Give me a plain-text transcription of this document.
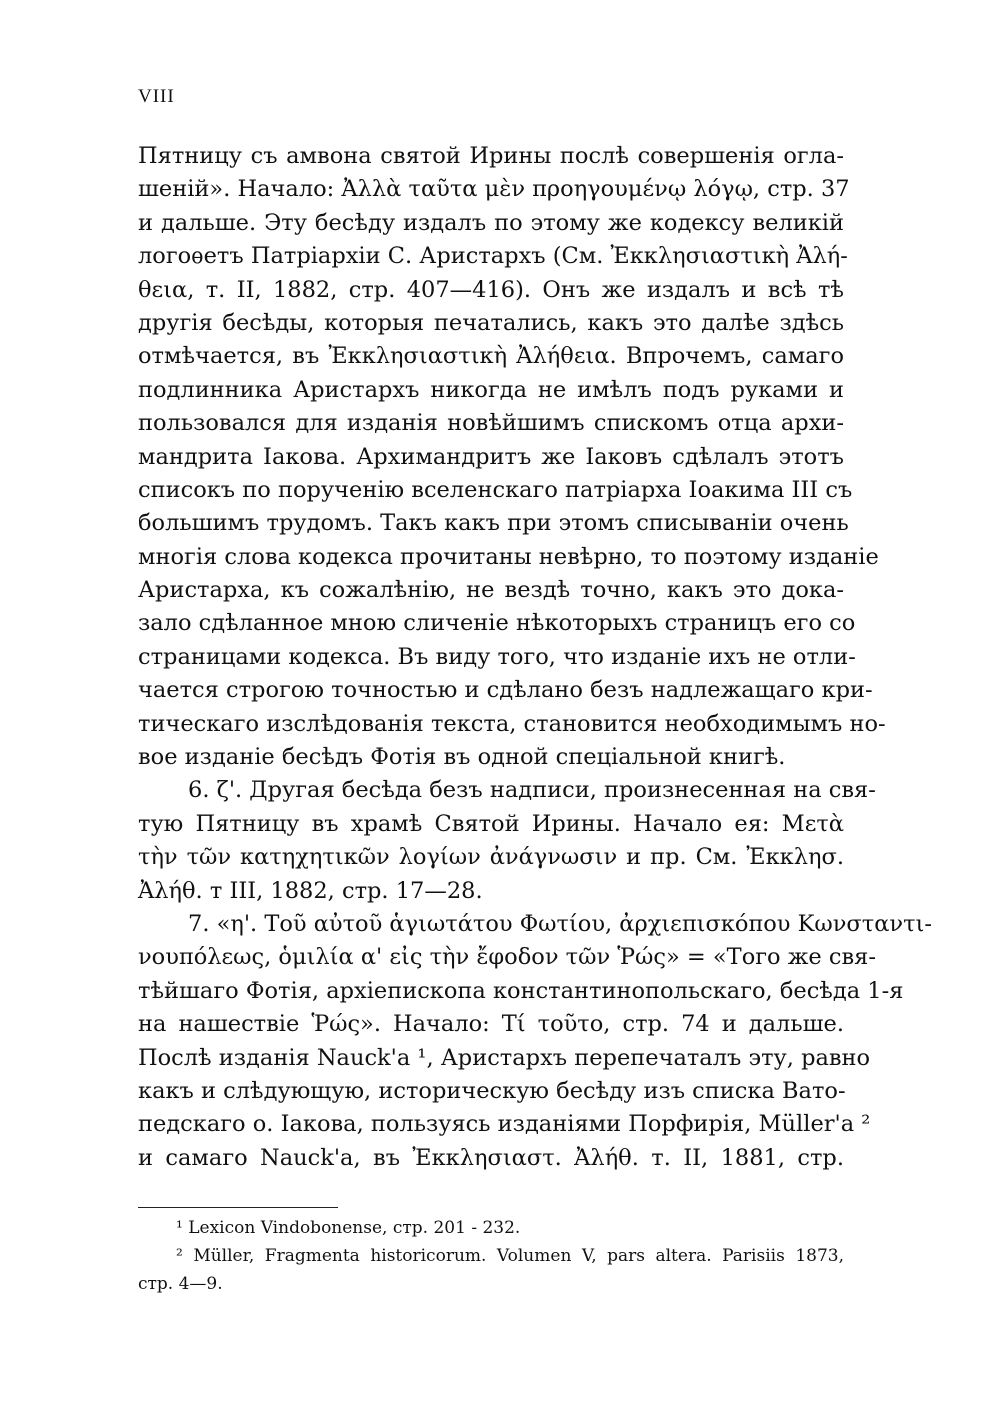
VIII
Пятницу съ амвона святой Ирины послѣ совершенія огла-
шеній». Начало: Ἀλλὰ ταῦτα μὲν προηγουμένῳ λόγῳ, стр. 37
и дальше. Эту бесѣду издалъ по этому же кодексу великій
логоѳетъ Патріархіи С. Аристархъ (См. Ἐκκλησιαστικὴ Ἀλή-
θεια, т. II, 1882, стр. 407—416). Онъ же издалъ и всѣ тѣ
другія бесѣды, которыя печатались, какъ это далѣе здѣсь
отмѣчается, въ Ἐκκλησιαστικὴ Ἀλήθεια. Впрочемъ, самаго
подлинника Аристархъ никогда не имѣлъ подъ руками и
пользовался для изданія новѣйшимъ спискомъ отца архи-
мандрита Іакова. Архимандритъ же Іаковъ сдѣлалъ этотъ
списокъ по порученію вселенскаго патріарха Іоакима III съ
большимъ трудомъ. Такъ какъ при этомъ списываніи очень
многія слова кодекса прочитаны невѣрно, то поэтому изданіе
Аристарха, къ сожалѣнію, не вездѣ точно, какъ это дока-
зало сдѣланное мною сличеніе нѣкоторыхъ страницъ его со
страницами кодекса. Въ виду того, что изданіе ихъ не отли-
чается строгою точностью и сдѣлано безъ надлежащаго кри-
тическаго изслѣдованія текста, становится необходимымъ но-
вое изданіе бесѣдъ Фотія въ одной спеціальной книгѣ.
6. ζ'. Другая бесѣда безъ надписи, произнесенная на свя-
тую Пятницу въ храмѣ Святой Ирины. Начало ея: Μετὰ
τὴν τῶν κατηχητικῶν λογίων ἀνάγνωσιν и пр. См. Ἐκκλησ.
Ἀλήθ. т III, 1882, стр. 17—28.
7. «η'. Τοῦ αὐτοῦ ἁγιωτάτου Φωτίου, ἀρχιεπισκόπου Κωνσταντι-
νουπόλεως, ὁμιλία α' εἰς τὴν ἔφοδον τῶν Ῥώς» = «Того же свя-
тѣйшаго Фотія, архіепископа константинопольскаго, бесѣда 1-я
на нашествіе Ῥώς». Начало: Τί τοῦτο, стр. 74 и дальше.
Послѣ изданія Nauck'a ¹, Аристархъ перепечаталъ эту, равно
какъ и слѣдующую, историческую бесѣду изъ списка Вато-
педскаго о. Іакова, пользуясь изданіями Порфирія, Müller'a ²
и самаго Nauck'a, въ Ἐκκλησιαστ. Ἀλήθ. т. II, 1881, стр.
¹ Lexicon Vindobonense, стр. 201 - 232.
² Müller, Fragmenta historicorum. Volumen V, pars altera. Parisiis 1873,
стр. 4—9.
